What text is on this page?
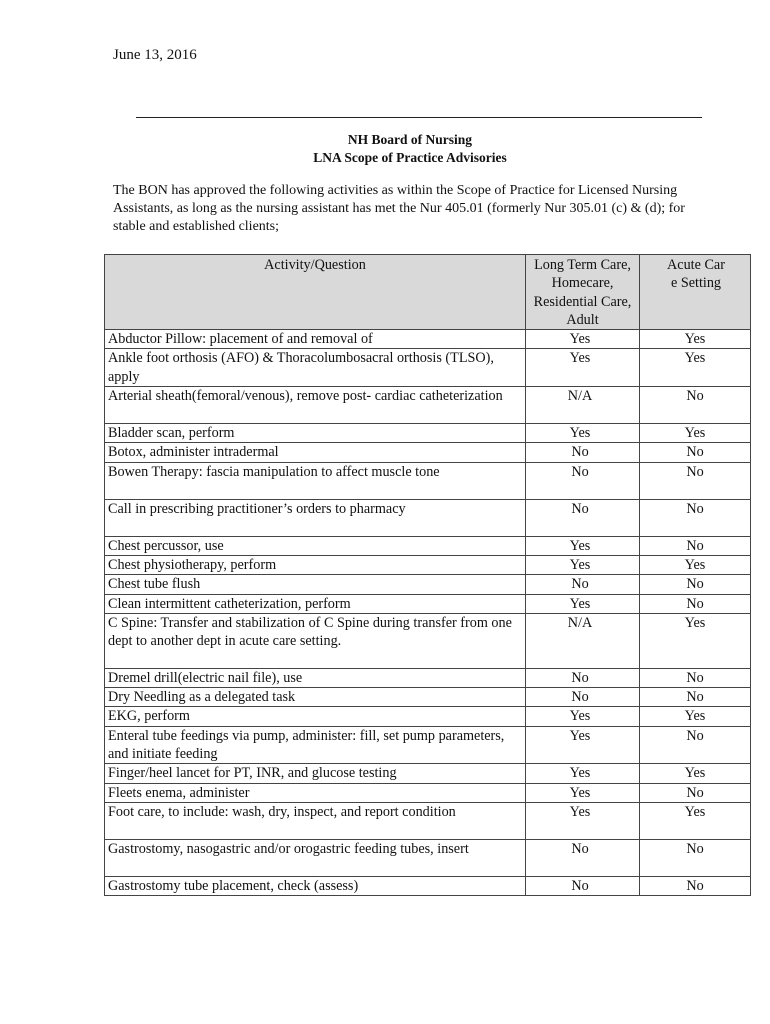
June 13, 2016
NH Board of Nursing
LNA Scope of Practice Advisories
The BON has approved the following activities as within the Scope of Practice for Licensed Nursing Assistants, as long as the nursing assistant has met the Nur 405.01 (formerly Nur 305.01 (c) & (d); for stable and established clients;
Activity/Question	Long Term Care, Homecare, Residential Care, Adult	Acute Care Setting
Abductor Pillow: placement of and removal of	Yes	Yes
Ankle foot orthosis (AFO) & Thoracolumbosacral orthosis (TLSO), apply	Yes	Yes
Arterial sheath(femoral/venous), remove post- cardiac catheterization	N/A	No
Bladder scan, perform	Yes	Yes
Botox, administer intradermal	No	No
Bowen Therapy: fascia manipulation to affect muscle tone	No	No
Call in prescribing practitioner’s orders to pharmacy	No	No
Chest percussor, use	Yes	No
Chest physiotherapy, perform	Yes	Yes
Chest tube flush	No	No
Clean intermittent catheterization, perform	Yes	No
C Spine: Transfer and stabilization of C Spine during transfer from one dept to another dept in acute care setting.	N/A	Yes
Dremel drill(electric nail file), use	No	No
Dry Needling as a delegated task	No	No
EKG, perform	Yes	Yes
Enteral tube feedings via pump, administer: fill, set pump parameters, and initiate feeding	Yes	No
Finger/heel lancet for PT, INR, and glucose testing	Yes	Yes
Fleets enema, administer	Yes	No
Foot care, to include: wash, dry, inspect, and report condition	Yes	Yes
Gastrostomy, nasogastric and/or orogastric feeding tubes, insert	No	No
Gastrostomy tube placement, check (assess)	No	No
